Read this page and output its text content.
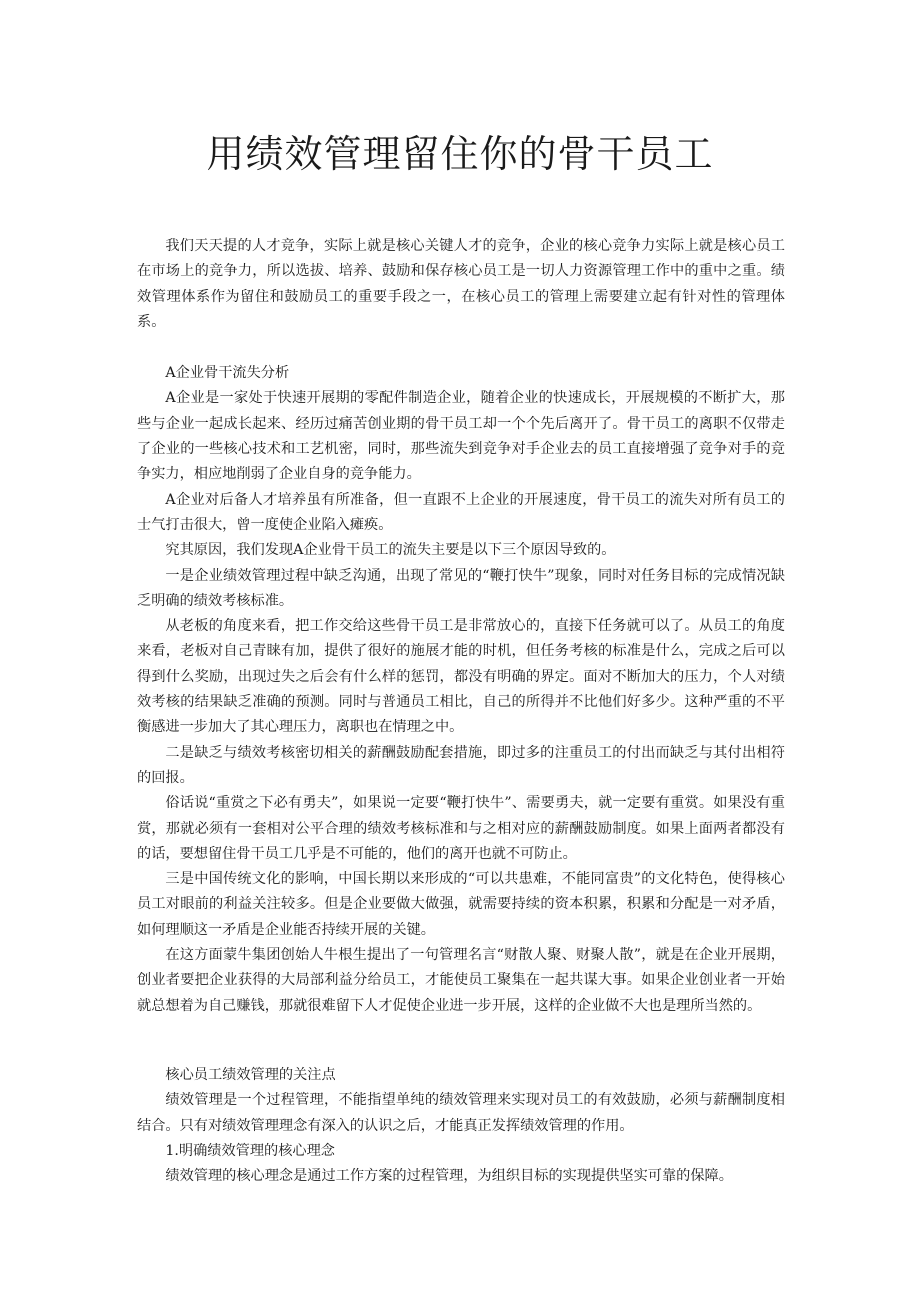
用绩效管理留住你的骨干员工

我们天天提的人才竞争，实际上就是核心关键人才的竞争，企业的核心竞争力实际上就是核心员工在市场上的竞争力，所以选拔、培养、鼓励和保存核心员工是一切人力资源管理工作中的重中之重。绩效管理体系作为留住和鼓励员工的重要手段之一，在核心员工的管理上需要建立起有针对性的管理体系。

A企业骨干流失分析

A企业是一家处于快速开展期的零配件制造企业，随着企业的快速成长，开展规模的不断扩大，那些与企业一起成长起来、经历过痛苦创业期的骨干员工却一个个先后离开了。骨干员工的离职不仅带走了企业的一些核心技术和工艺机密，同时，那些流失到竞争对手企业去的员工直接增强了竞争对手的竞争实力，相应地削弱了企业自身的竞争能力。

A企业对后备人才培养虽有所准备，但一直跟不上企业的开展速度，骨干员工的流失对所有员工的士气打击很大，曾一度使企业陷入瘫痪。

究其原因，我们发现A企业骨干员工的流失主要是以下三个原因导致的。

一是企业绩效管理过程中缺乏沟通，出现了常见的“鞭打快牛”现象，同时对任务目标的完成情况缺乏明确的绩效考核标准。

从老板的角度来看，把工作交给这些骨干员工是非常放心的，直接下任务就可以了。从员工的角度来看，老板对自己青睐有加，提供了很好的施展才能的时机，但任务考核的标准是什么，完成之后可以得到什么奖励，出现过失之后会有什么样的惩罚，都没有明确的界定。面对不断加大的压力，个人对绩效考核的结果缺乏准确的预测。同时与普通员工相比，自己的所得并不比他们好多少。这种严重的不平衡感进一步加大了其心理压力，离职也在情理之中。

二是缺乏与绩效考核密切相关的薪酬鼓励配套措施，即过多的注重员工的付出而缺乏与其付出相符的回报。

俗话说“重赏之下必有勇夫”，如果说一定要“鞭打快牛”、需要勇夫，就一定要有重赏。如果没有重赏，那就必须有一套相对公平合理的绩效考核标准和与之相对应的薪酬鼓励制度。如果上面两者都没有的话，要想留住骨干员工几乎是不可能的，他们的离开也就不可防止。

三是中国传统文化的影响，中国长期以来形成的“可以共患难，不能同富贵”的文化特色，使得核心员工对眼前的利益关注较多。但是企业要做大做强，就需要持续的资本积累，积累和分配是一对矛盾，如何理顺这一矛盾是企业能否持续开展的关键。

在这方面蒙牛集团创始人牛根生提出了一句管理名言“财散人聚、财聚人散”，就是在企业开展期，创业者要把企业获得的大局部利益分给员工，才能使员工聚集在一起共谋大事。如果企业创业者一开始就总想着为自己赚钱，那就很难留下人才促使企业进一步开展，这样的企业做不大也是理所当然的。

核心员工绩效管理的关注点

绩效管理是一个过程管理，不能指望单纯的绩效管理来实现对员工的有效鼓励，必须与薪酬制度相结合。只有对绩效管理理念有深入的认识之后，才能真正发挥绩效管理的作用。

1.明确绩效管理的核心理念

绩效管理的核心理念是通过工作方案的过程管理，为组织目标的实现提供坚实可靠的保障。
